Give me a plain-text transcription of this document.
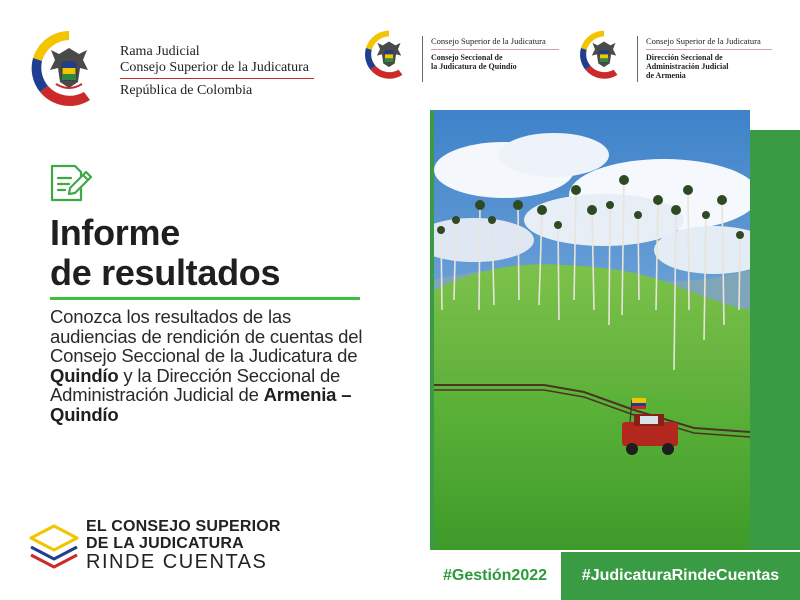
Rama Judicial
Consejo Superior de la Judicatura
República de Colombia
Consejo Superior de la Judicatura
Consejo Seccional de
la Judicatura de Quindío
Consejo Superior de la Judicatura
Dirección Seccional de
Administración Judicial
de Armenia
Informe
de resultados
Conozca los resultados de las audiencias de rendición de cuentas del Consejo Seccional de la Judicatura de Quindío y la Dirección Seccional de Administración Judicial de Armenia – Quindío
EL CONSEJO SUPERIOR
DE LA JUDICATURA
RINDE CUENTAS
#Gestión2022	#JudicaturaRindeCuentas
